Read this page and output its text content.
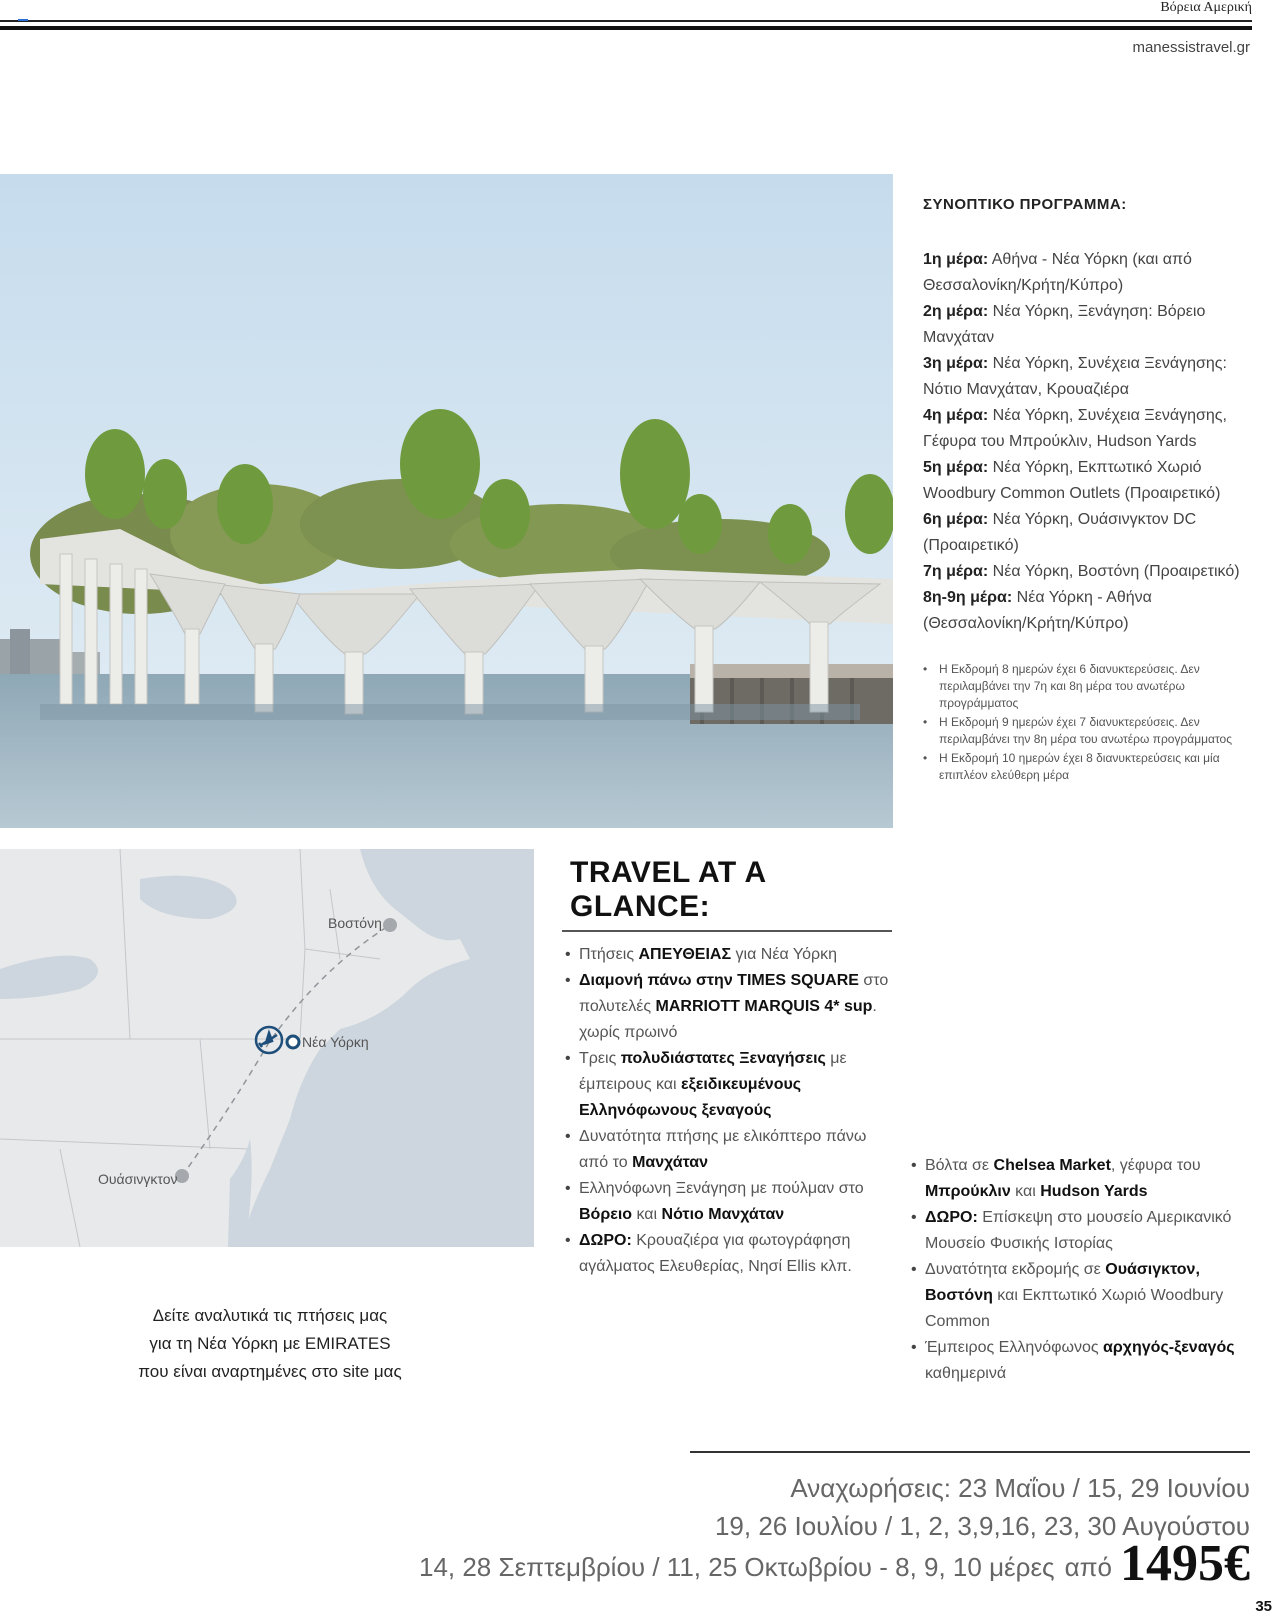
Βόρεια Αμερική
manessistravel.gr
ΣΥΝΟΠΤΙΚΟ ΠΡΟΓΡΑΜΜΑ:
1η μέρα: Αθήνα - Νέα Υόρκη (και από Θεσσαλονίκη/Κρήτη/Κύπρο)
2η μέρα: Νέα Υόρκη, Ξενάγηση: Βόρειο Μανχάταν
3η μέρα: Νέα Υόρκη, Συνέχεια Ξενάγησης: Νότιο Μανχάταν, Κρουαζιέρα
4η μέρα: Νέα Υόρκη, Συνέχεια Ξενάγησης, Γέφυρα του Μπρούκλιν, Hudson Yards
5η μέρα: Νέα Υόρκη, Εκπτωτικό Χωριό Woodbury Common Outlets (Προαιρετικό)
6η μέρα: Νέα Υόρκη, Ουάσινγκτον DC (Προαιρετικό)
7η μέρα: Νέα Υόρκη, Βοστόνη (Προαιρετικό)
8η-9η μέρα: Νέα Υόρκη - Αθήνα (Θεσσαλονίκη/Κρήτη/Κύπρο)
• Η Εκδρομή 8 ημερών έχει 6 διανυκτερεύσεις. Δεν περιλαμβάνει την 7η και 8η μέρα του ανωτέρω προγράμματος
• Η Εκδρομή 9 ημερών έχει 7 διανυκτερεύσεις. Δεν περιλαμβάνει την 8η μέρα του ανωτέρω προγράμματος
• Η Εκδρομή 10 ημερών έχει 8 διανυκτερεύσεις και μία επιπλέον ελεύθερη μέρα
Βοστόνη
Νέα Υόρκη
Ουάσινγκτον
TRAVEL AT A GLANCE:
• Πτήσεις ΑΠΕΥΘΕΙΑΣ για Νέα Υόρκη
• Διαμονή πάνω στην TIMES SQUARE στο πολυτελές MARRIOTT MARQUIS 4* sup. χωρίς πρωινό
• Τρεις πολυδιάστατες Ξεναγήσεις με έμπειρους και εξειδικευμένους Ελληνόφωνους ξεναγούς
• Δυνατότητα πτήσης με ελικόπτερο πάνω από το Μανχάταν
• Ελληνόφωνη Ξενάγηση με πούλμαν στο Βόρειο και Νότιο Μανχάταν
• ΔΩΡΟ: Κρουαζιέρα για φωτογράφηση αγάλματος Ελευθερίας, Νησί Ellis κλπ.
• Βόλτα σε Chelsea Market, γέφυρα του Μπρούκλιν και Hudson Yards
• ΔΩΡΟ: Επίσκεψη στο μουσείο Αμερικανικό Μουσείο Φυσικής Ιστορίας
• Δυνατότητα εκδρομής σε Ουάσιγκτον, Βοστόνη και Εκπτωτικό Χωριό Woodbury Common
• Έμπειρος Ελληνόφωνος αρχηγός-ξεναγός καθημερινά
Δείτε αναλυτικά τις πτήσεις μας
για τη Νέα Υόρκη με EMIRATES
που είναι αναρτημένες στο site μας
Αναχωρήσεις: 23 Μαΐου / 15, 29 Ιουνίου
19, 26 Ιουλίου / 1, 2, 3,9,16, 23, 30 Αυγούστου
14, 28 Σεπτεμβρίου / 11, 25 Οκτωβρίου - 8, 9, 10 μέρες από 1495€
35
